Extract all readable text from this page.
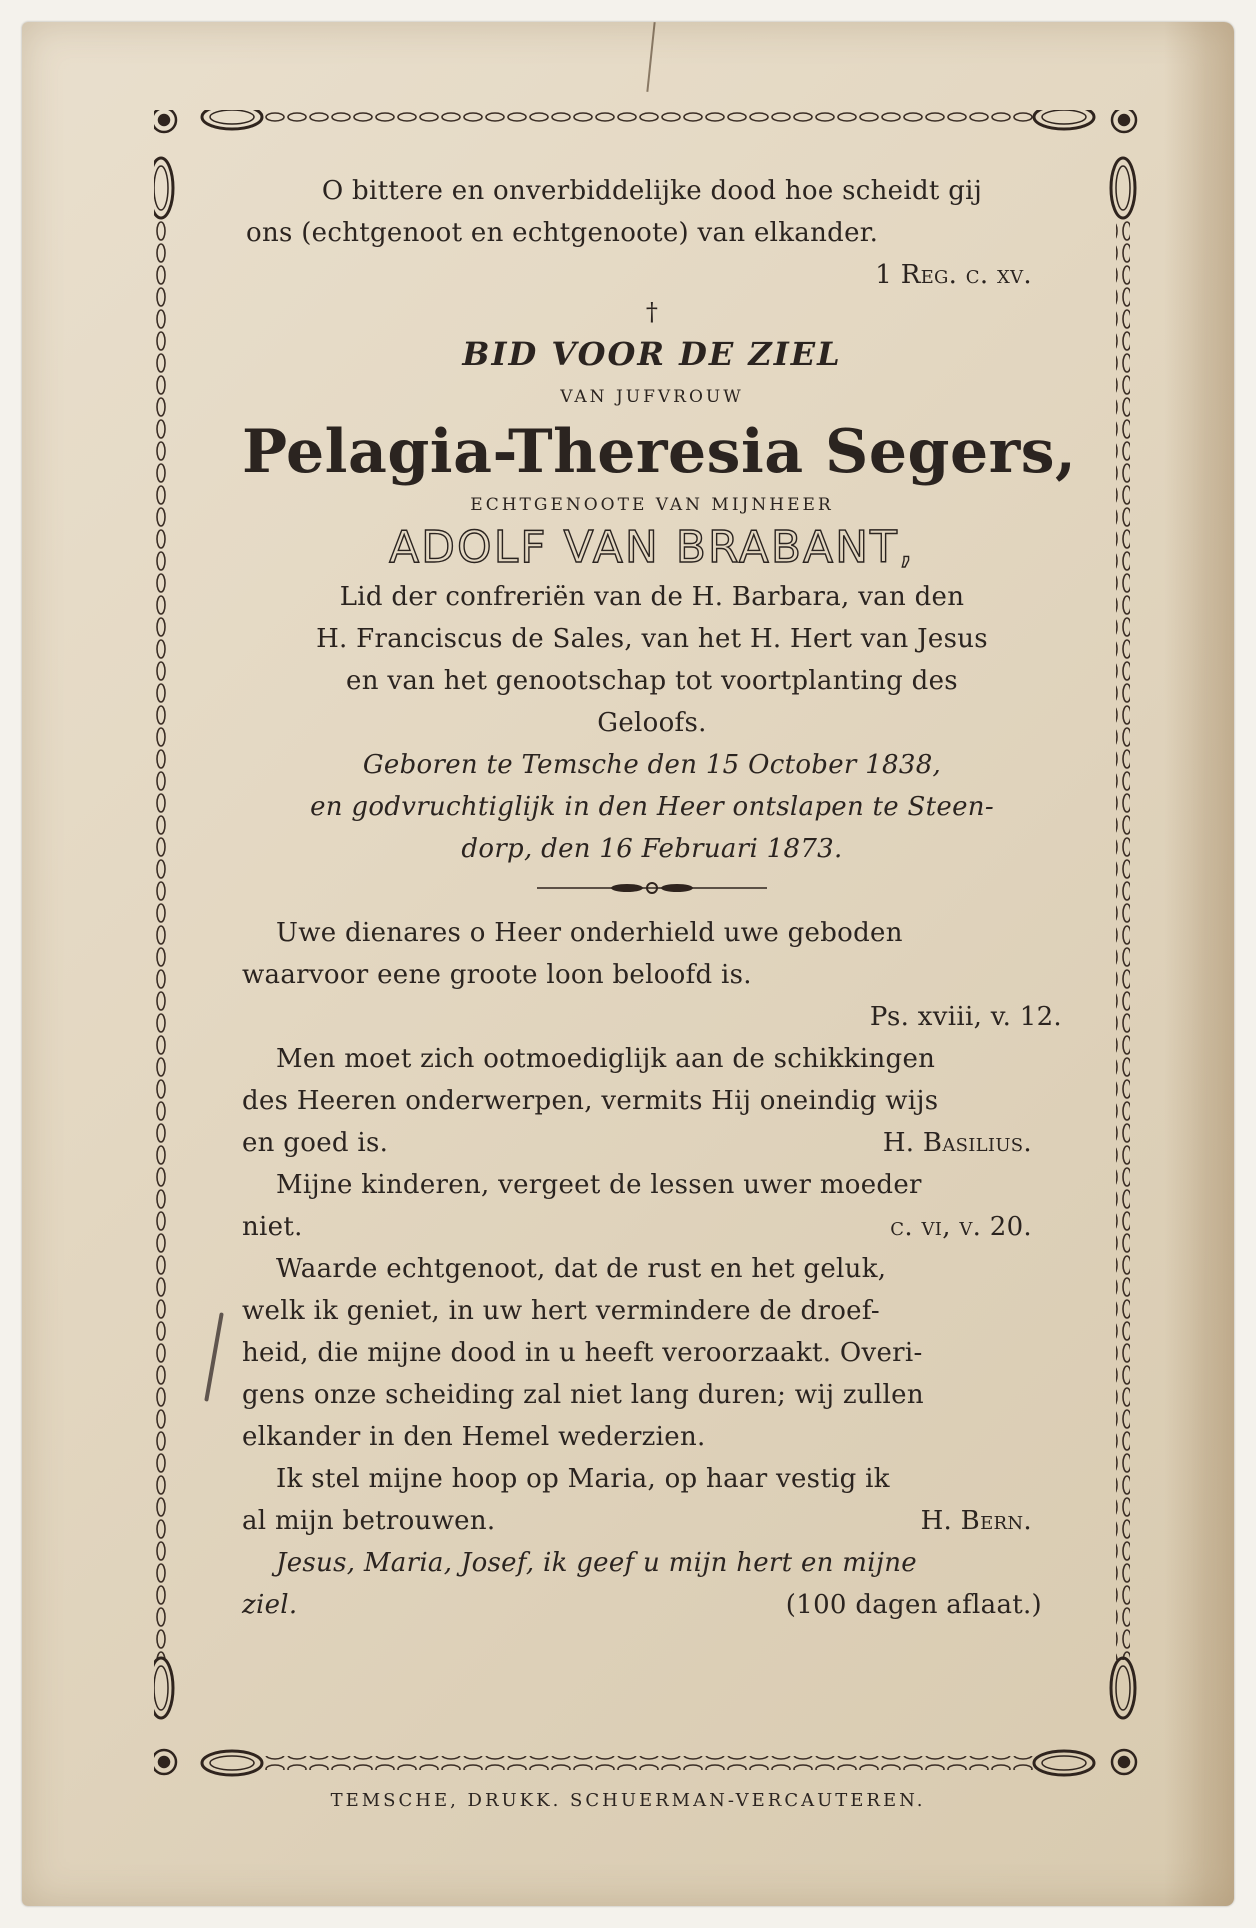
O bittere en onverbiddelijke dood hoe scheidt gij
ons (echtgenoot en echtgenoote) van elkander.
1 Reg. c. xv.
†
BID VOOR DE ZIEL
VAN JUFVROUW
Pelagia-Theresia Segers,
ECHTGENOOTE VAN MIJNHEER
ADOLF VAN BRABANT,
Lid der confreriën van de H. Barbara, van den
H. Franciscus de Sales, van het H. Hert van Jesus
en van het genootschap tot voortplanting des
Geloofs.
Geboren te Temsche den 15 October 1838,
en godvruchtiglijk in den Heer ontslapen te Steen-
dorp, den 16 Februari 1873.
Uwe dienares o Heer onderhield uwe geboden
waarvoor eene groote loon beloofd is.
Ps. xviii, v. 12.
Men moet zich ootmoediglijk aan de schikkingen
des Heeren onderwerpen, vermits Hij oneindig wijs
en goed is.	H. Basilius.
Mijne kinderen, vergeet de lessen uwer moeder
niet.	c. vi, v. 20.
Waarde echtgenoot, dat de rust en het geluk,
welk ik geniet, in uw hert vermindere de droef-
heid, die mijne dood in u heeft veroorzaakt. Overi-
gens onze scheiding zal niet lang duren; wij zullen
elkander in den Hemel wederzien.
Ik stel mijne hoop op Maria, op haar vestig ik
al mijn betrouwen.	H. Bern.
Jesus, Maria, Josef, ik geef u mijn hert en mijne
ziel.	(100 dagen aflaat.)
TEMSCHE, DRUKK. SCHUERMAN-VERCAUTEREN.
